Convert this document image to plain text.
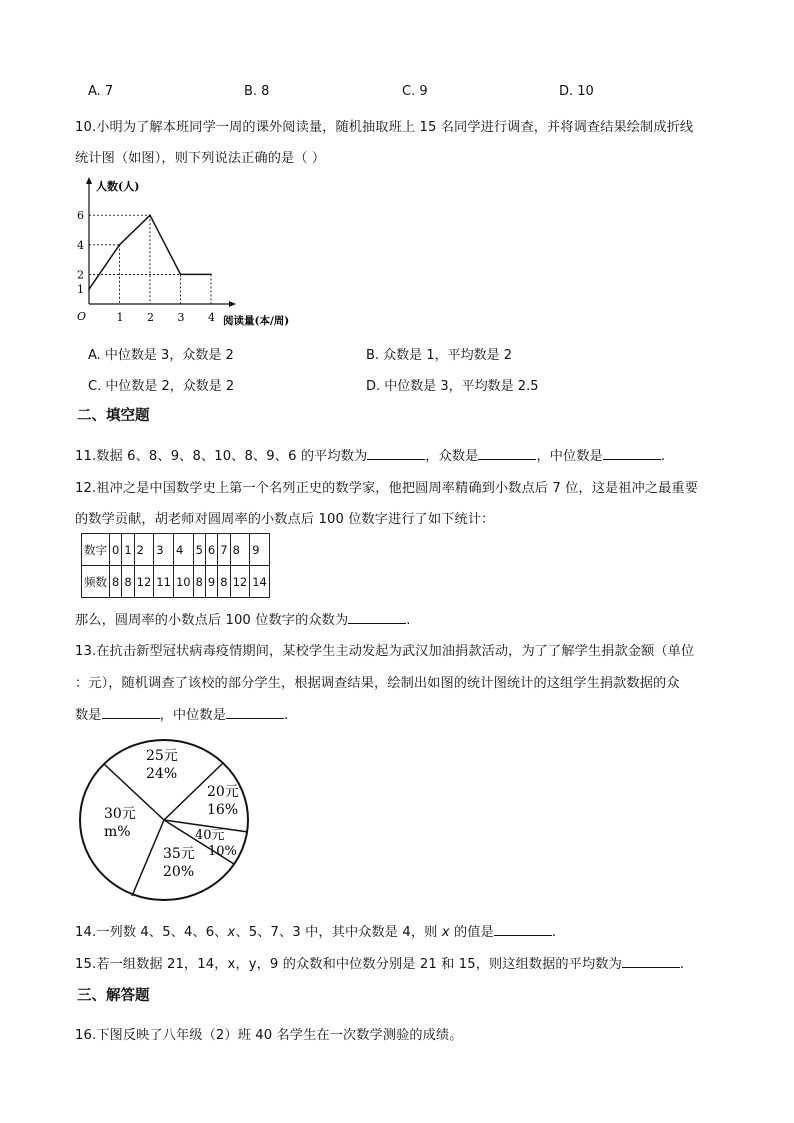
A. 7	B. 8	C. 9	D. 10
10.小明为了解本班同学一周的课外阅读量，随机抽取班上 15 名同学进行调查，并将调查结果绘制成折线
统计图（如图），则下列说法正确的是（ ）
人数(人)
阅读量(本/周)
O	1 2 3 4
1
2
4
6
A. 中位数是 3，众数是 2	B. 众数是 1，平均数是 2
C. 中位数是 2，众数是 2	D. 中位数是 3，平均数是 2.5
二、填空题
11.数据 6、8、9、8、10、8、9、6 的平均数为	，众数是	，中位数是	.
12.祖冲之是中国数学史上第一个名列正史的数学家，他把圆周率精确到小数点后 7 位，这是祖冲之最重要
的数学贡献，胡老师对圆周率的小数点后 100 位数字进行了如下统计：
数字	0	1	2	3	4	5	6	7	8	9
频数	8	8	12	11	10	8	9	8	12	14
那么，圆周率的小数点后 100 位数字的众数为	.
13.在抗击新型冠状病毒疫情期间，某校学生主动发起为武汉加油捐款活动，为了了解学生捐款金额（单位
：元），随机调查了该校的部分学生，根据调查结果，绘制出如图的统计图统计的这组学生捐款数据的众
数是	，中位数是	.
25元
24%
20元
16%
40元
10%
35元
20%
30元
m%
14.一列数 4、5、4、6、x、5、7、3 中，其中众数是 4，则 x 的值是	.
15.若一组数据 21，14，x，y，9 的众数和中位数分别是 21 和 15，则这组数据的平均数为	.
三、解答题
16.下图反映了八年级（2）班 40 名学生在一次数学测验的成绩。
